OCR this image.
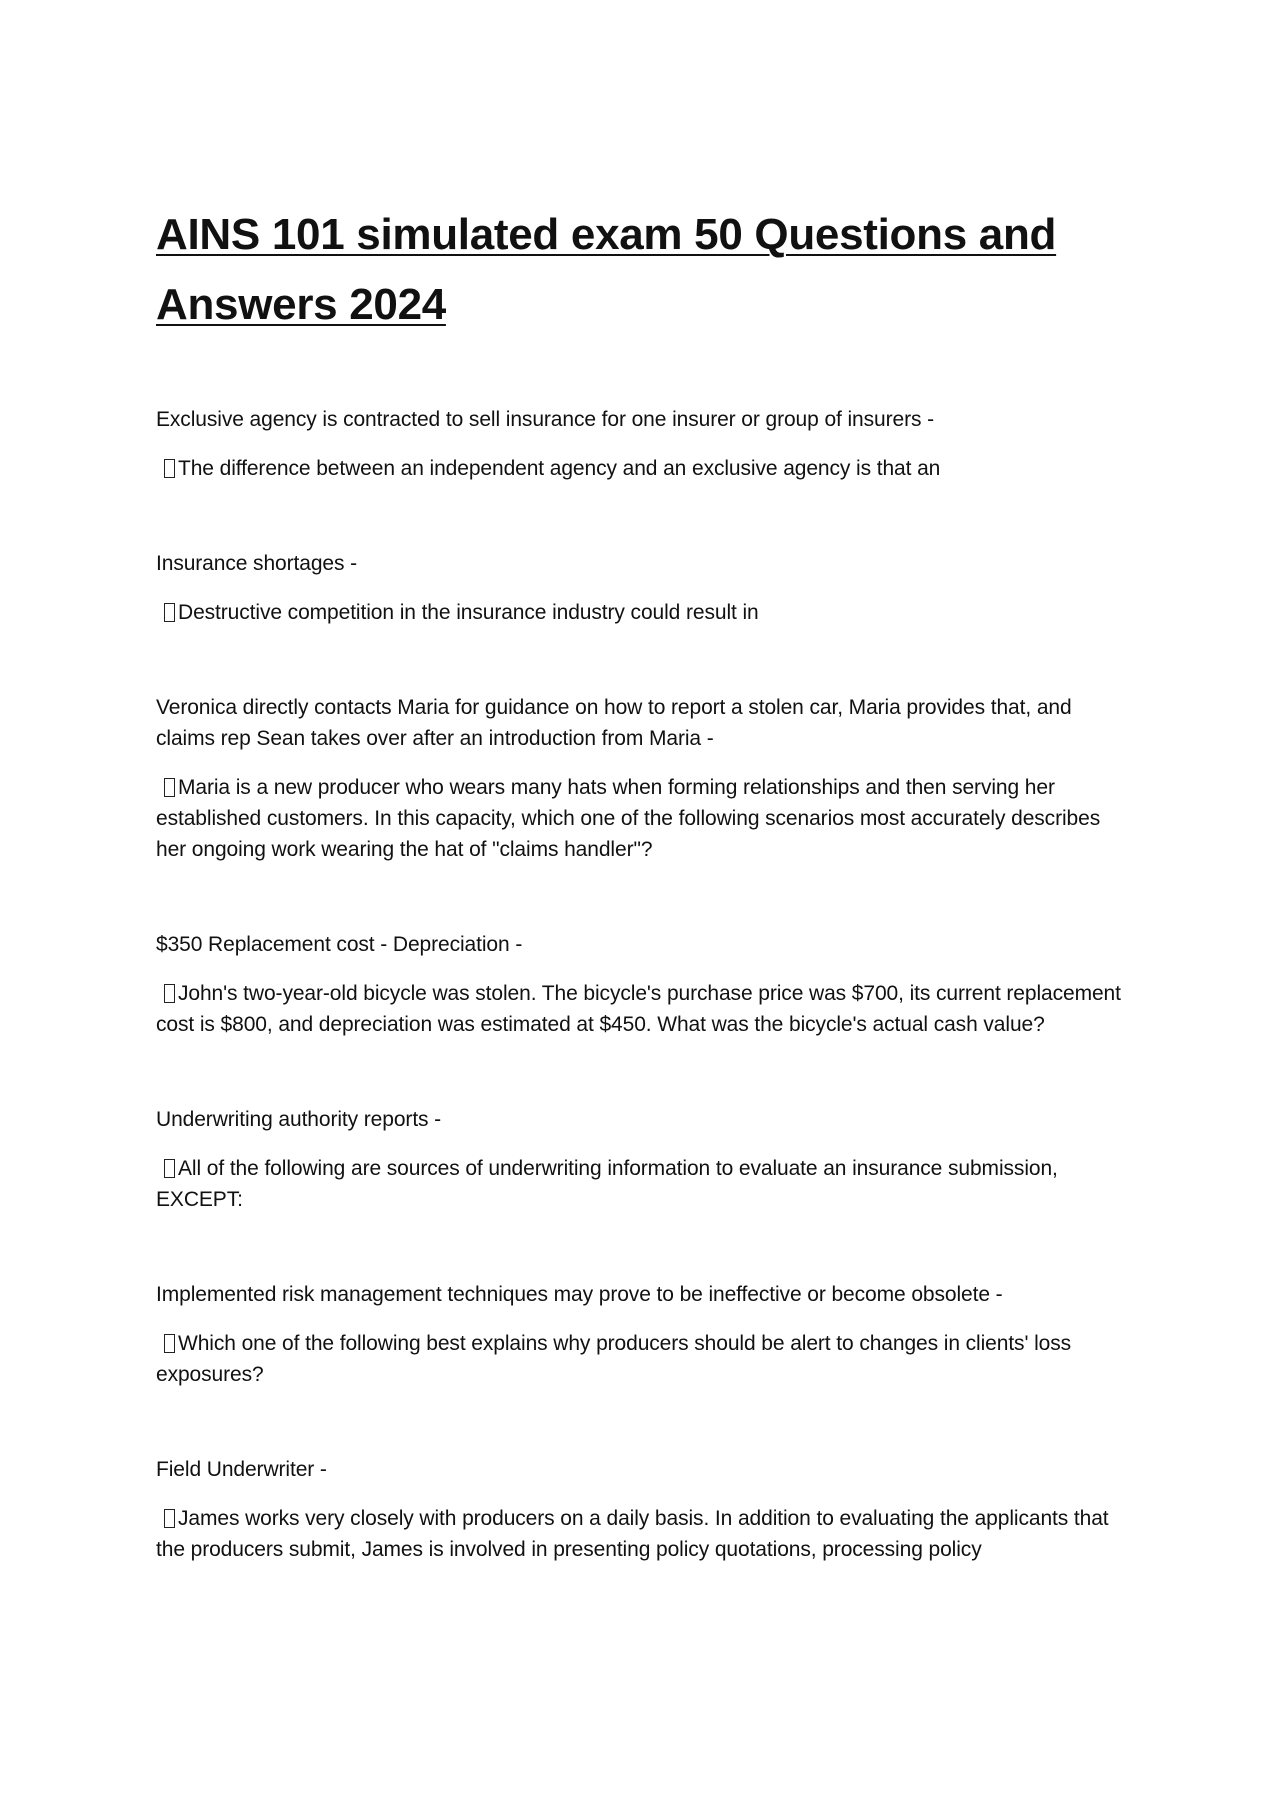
AINS 101 simulated exam 50 Questions and Answers 2024

Exclusive agency is contracted to sell insurance for one insurer or group of insurers -

The difference between an independent agency and an exclusive agency is that an

Insurance shortages -

Destructive competition in the insurance industry could result in

Veronica directly contacts Maria for guidance on how to report a stolen car, Maria provides that, and claims rep Sean takes over after an introduction from Maria -

Maria is a new producer who wears many hats when forming relationships and then serving her established customers. In this capacity, which one of the following scenarios most accurately describes her ongoing work wearing the hat of "claims handler"?

$350 Replacement cost - Depreciation -

John's two-year-old bicycle was stolen. The bicycle's purchase price was $700, its current replacement cost is $800, and depreciation was estimated at $450. What was the bicycle's actual cash value?

Underwriting authority reports -

All of the following are sources of underwriting information to evaluate an insurance submission, EXCEPT:

Implemented risk management techniques may prove to be ineffective or become obsolete -

Which one of the following best explains why producers should be alert to changes in clients' loss exposures?

Field Underwriter -

James works very closely with producers on a daily basis. In addition to evaluating the applicants that the producers submit, James is involved in presenting policy quotations, processing policy
